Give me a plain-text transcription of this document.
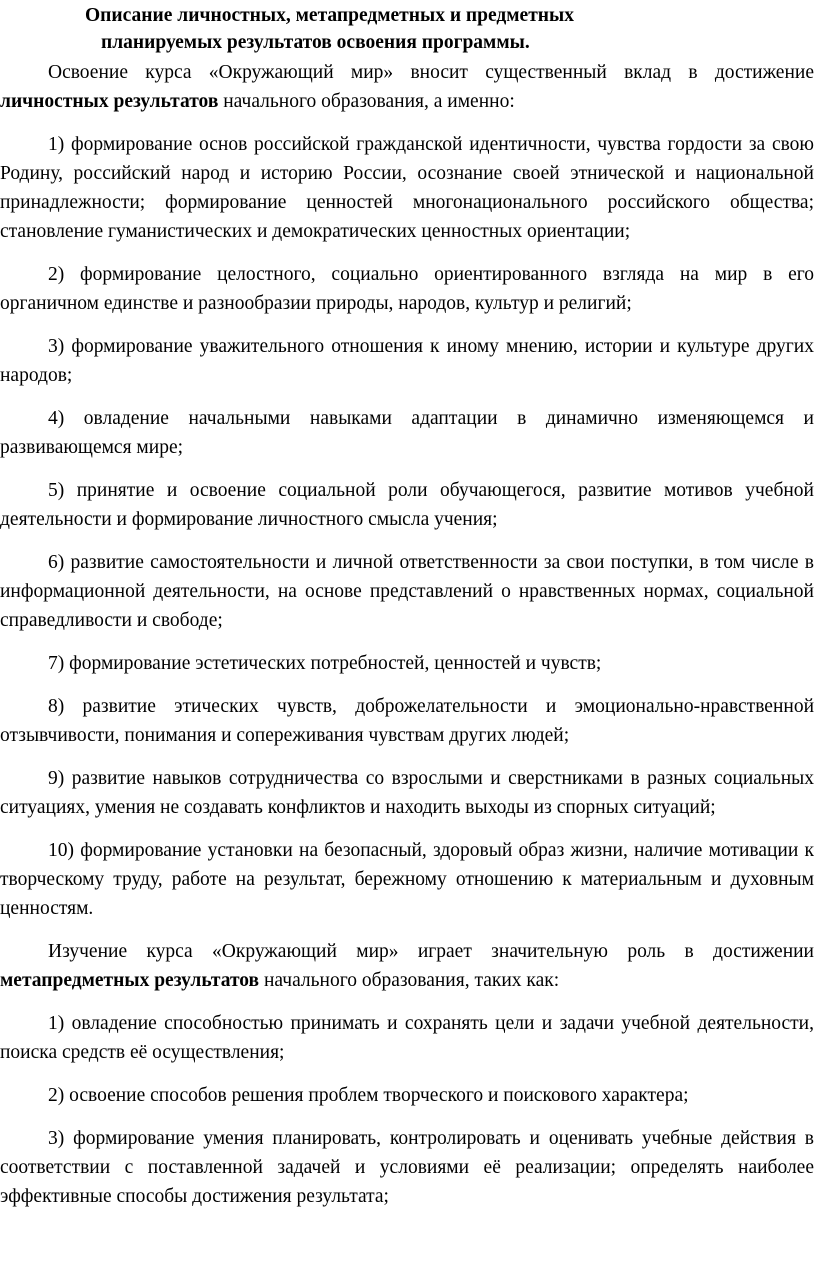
Описание личностных, метапредметных и предметных
планируемых результатов освоения программы.

Освоение курса «Окружающий мир» вносит существенный вклад в достижение личностных результатов начального образования, а именно:

1) формирование основ российской гражданской идентичности, чувства гордости за свою Родину, российский народ и историю России, осознание своей этнической и национальной принадлежности; формирование ценностей многонационального российского общества; становление гуманистических и демократических ценностных ориентации;

2) формирование целостного, социально ориентированного взгляда на мир в его органичном единстве и разнообразии природы, народов, культур и религий;

3) формирование уважительного отношения к иному мнению, истории и культуре других народов;

4) овладение начальными навыками адаптации в динамично изменяющемся и развивающемся мире;

5) принятие и освоение социальной роли обучающегося, развитие мотивов учебной деятельности и формирование личностного смысла учения;

6) развитие самостоятельности и личной ответственности за свои поступки, в том числе в информационной деятельности, на основе представлений о нравственных нормах, социальной справедливости и свободе;

7) формирование эстетических потребностей, ценностей и чувств;

8) развитие этических чувств, доброжелательности и эмоционально-нравственной отзывчивости, понимания и сопереживания чувствам других людей;

9) развитие навыков сотрудничества со взрослыми и сверстниками в разных социальных ситуациях, умения не создавать конфликтов и находить выходы из спорных ситуаций;

10) формирование установки на безопасный, здоровый образ жизни, наличие мотивации к творческому труду, работе на результат, бережному отношению к материальным и духовным ценностям.

Изучение курса «Окружающий мир» играет значительную роль в достижении метапредметных результатов начального образования, таких как:

1) овладение способностью принимать и сохранять цели и задачи учебной деятельности, поиска средств её осуществления;

2) освоение способов решения проблем творческого и поискового характера;

3) формирование умения планировать, контролировать и оценивать учебные действия в соответствии с поставленной задачей и условиями её реализации; определять наиболее эффективные способы достижения результата;
